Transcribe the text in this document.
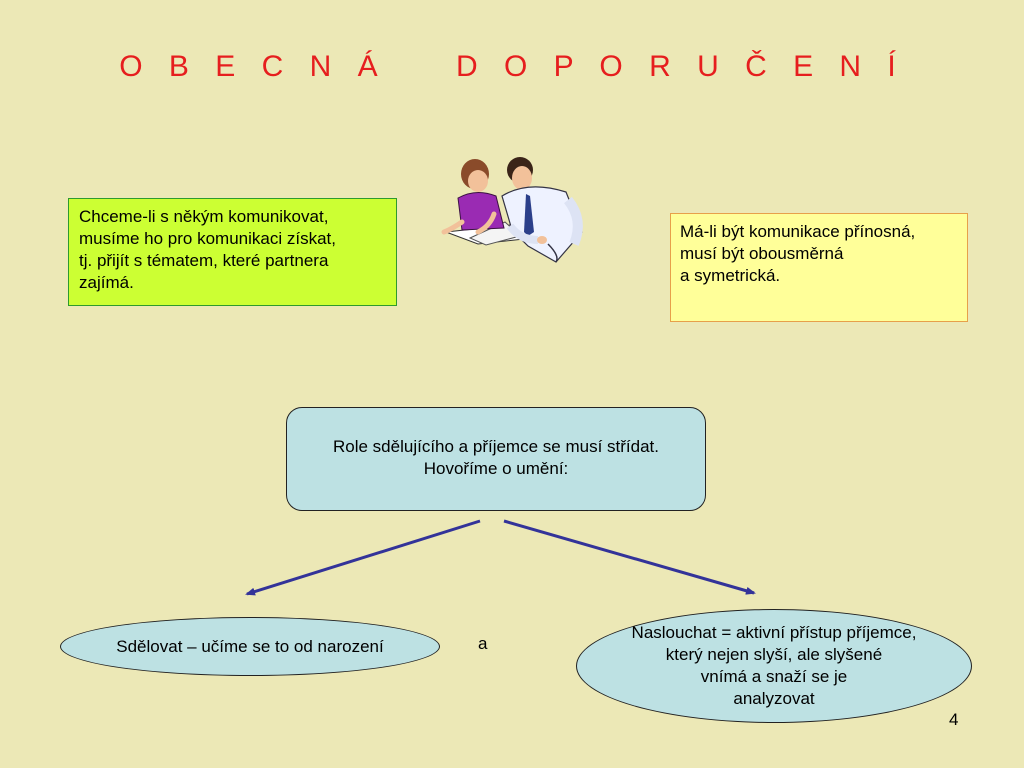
O B E C N Á    D O P O R U Č E N Í
Chceme-li s někým komunikovat,
musíme ho pro komunikaci získat,
tj. přijít s tématem, které partnera
zajímá.
Má-li být komunikace přínosná,
musí být obousměrná
a symetrická.
Role sdělujícího a příjemce se musí střídat.
Hovoříme o umění:
Sdělovat – učíme se to od narození	a
Naslouchat = aktivní přístup příjemce,
který nejen slyší, ale slyšené
vnímá a snaží se je
analyzovat
4
